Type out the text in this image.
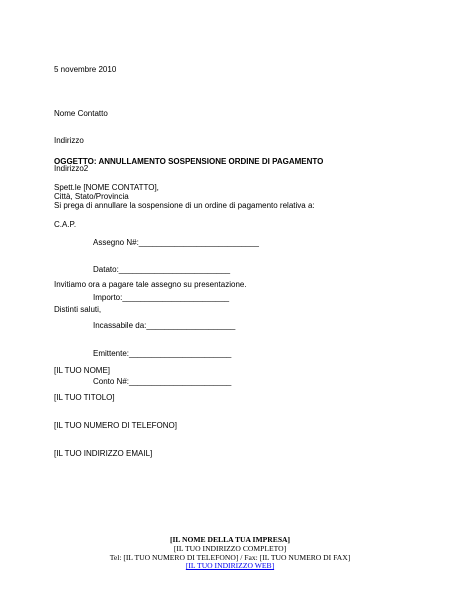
5 novembre 2010

Nome Contatto

Indirizzo

Indirizzo2

Città, Stato/Provincia

C.A.P.

OGGETTO: ANNULLAMENTO SOSPENSIONE ORDINE DI PAGAMENTO
Spett.le [NOME CONTATTO],
Si prega di annullare la sospensione di un ordine di pagamento relativa a:

Assegno N#:___________________________

Datato:_________________________

Importo:________________________

Incassabile da:____________________

Emittente:_______________________

Conto N#:_______________________

Invitiamo ora a pagare tale assegno su presentazione.
Distinti saluti,

[IL TUO NOME]

[IL TUO TITOLO]

[IL TUO NUMERO DI TELEFONO]

[IL TUO INDIRIZZO EMAIL]

[IL NOME DELLA TUA IMPRESA]
[IL TUO INDIRIZZO COMPLETO]
Tel: [IL TUO NUMERO DI TELEFONO] / Fax: [IL TUO NUMERO DI FAX]
[IL TUO INDIRIZZO WEB]
